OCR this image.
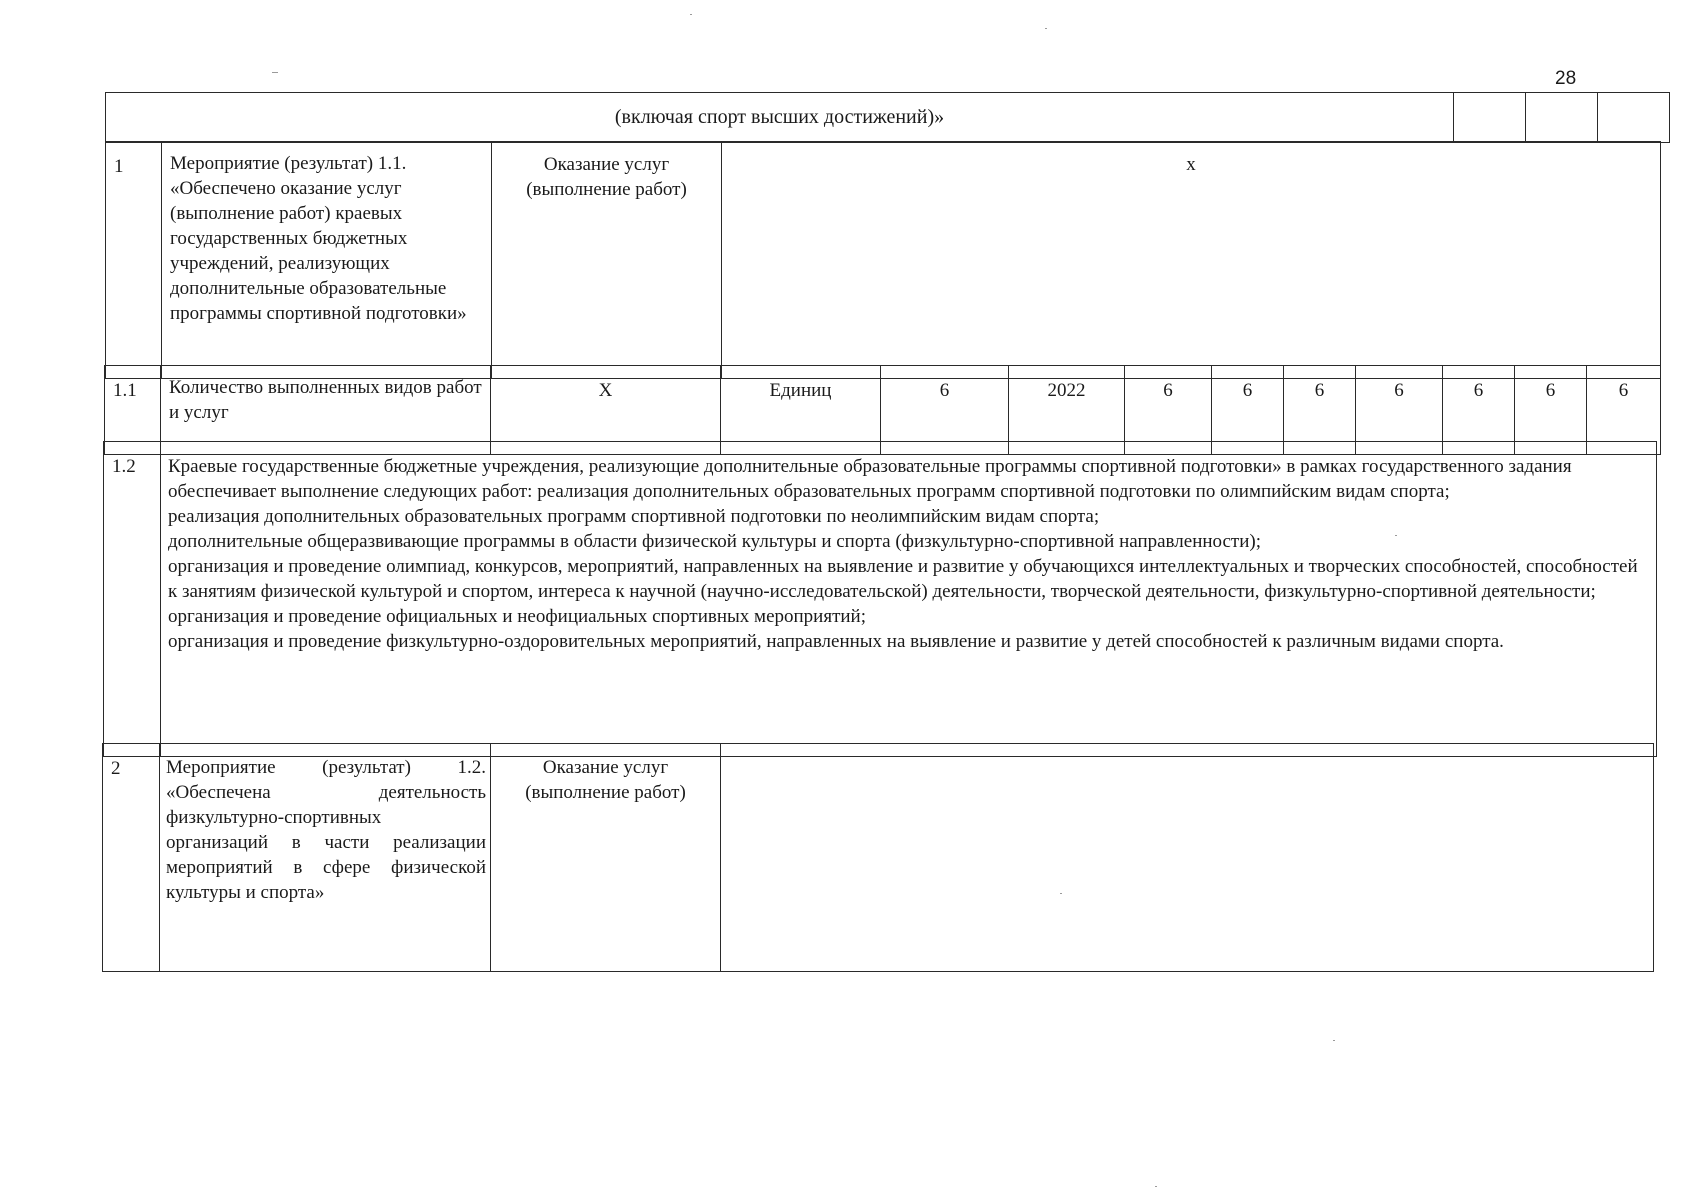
28
(включая спорт высших достижений)»			
1	Мероприятие (результат) 1.1. «Обеспечено оказание услуг (выполнение работ) краевых государственных бюджетных учреждений, реализующих дополнительные образовательные программы спортивной подготовки»	Оказание услуг (выполнение работ)	х
1.1	Количество выполненных видов работ и услуг	Х	Единиц	6	2022	6	6	6	6	6	6	6
1.2	Краевые государственные бюджетные учреждения, реализующие дополнительные образовательные программы спортивной подготовки» в рамках государственного задания обеспечивает выполнение следующих работ: реализация дополнительных образовательных программ спортивной подготовки по олимпийским видам спорта;

реализация дополнительных образовательных программ спортивной подготовки по неолимпийским видам спорта;

дополнительные общеразвивающие программы в области физической культуры и спорта (физкультурно-спортивной направленности);

организация и проведение олимпиад, конкурсов, мероприятий, направленных на выявление и развитие у обучающихся интеллектуальных и творческих способностей, способностей к занятиям физической культурой и спортом, интереса к научной (научно-исследовательской) деятельности, творческой деятельности, физкультурно-спортивной деятельности;

организация и проведение официальных и неофициальных спортивных мероприятий;

организация и проведение физкультурно-оздоровительных мероприятий, направленных на выявление и развитие у детей способностей к различным видами спорта.

2	Мероприятие (результат) 1.2. «Обеспечена деятельность физкультурно-спортивных организаций в части реализации мероприятий в сфере физической культуры и спорта»	Оказание услуг (выполнение работ)	
